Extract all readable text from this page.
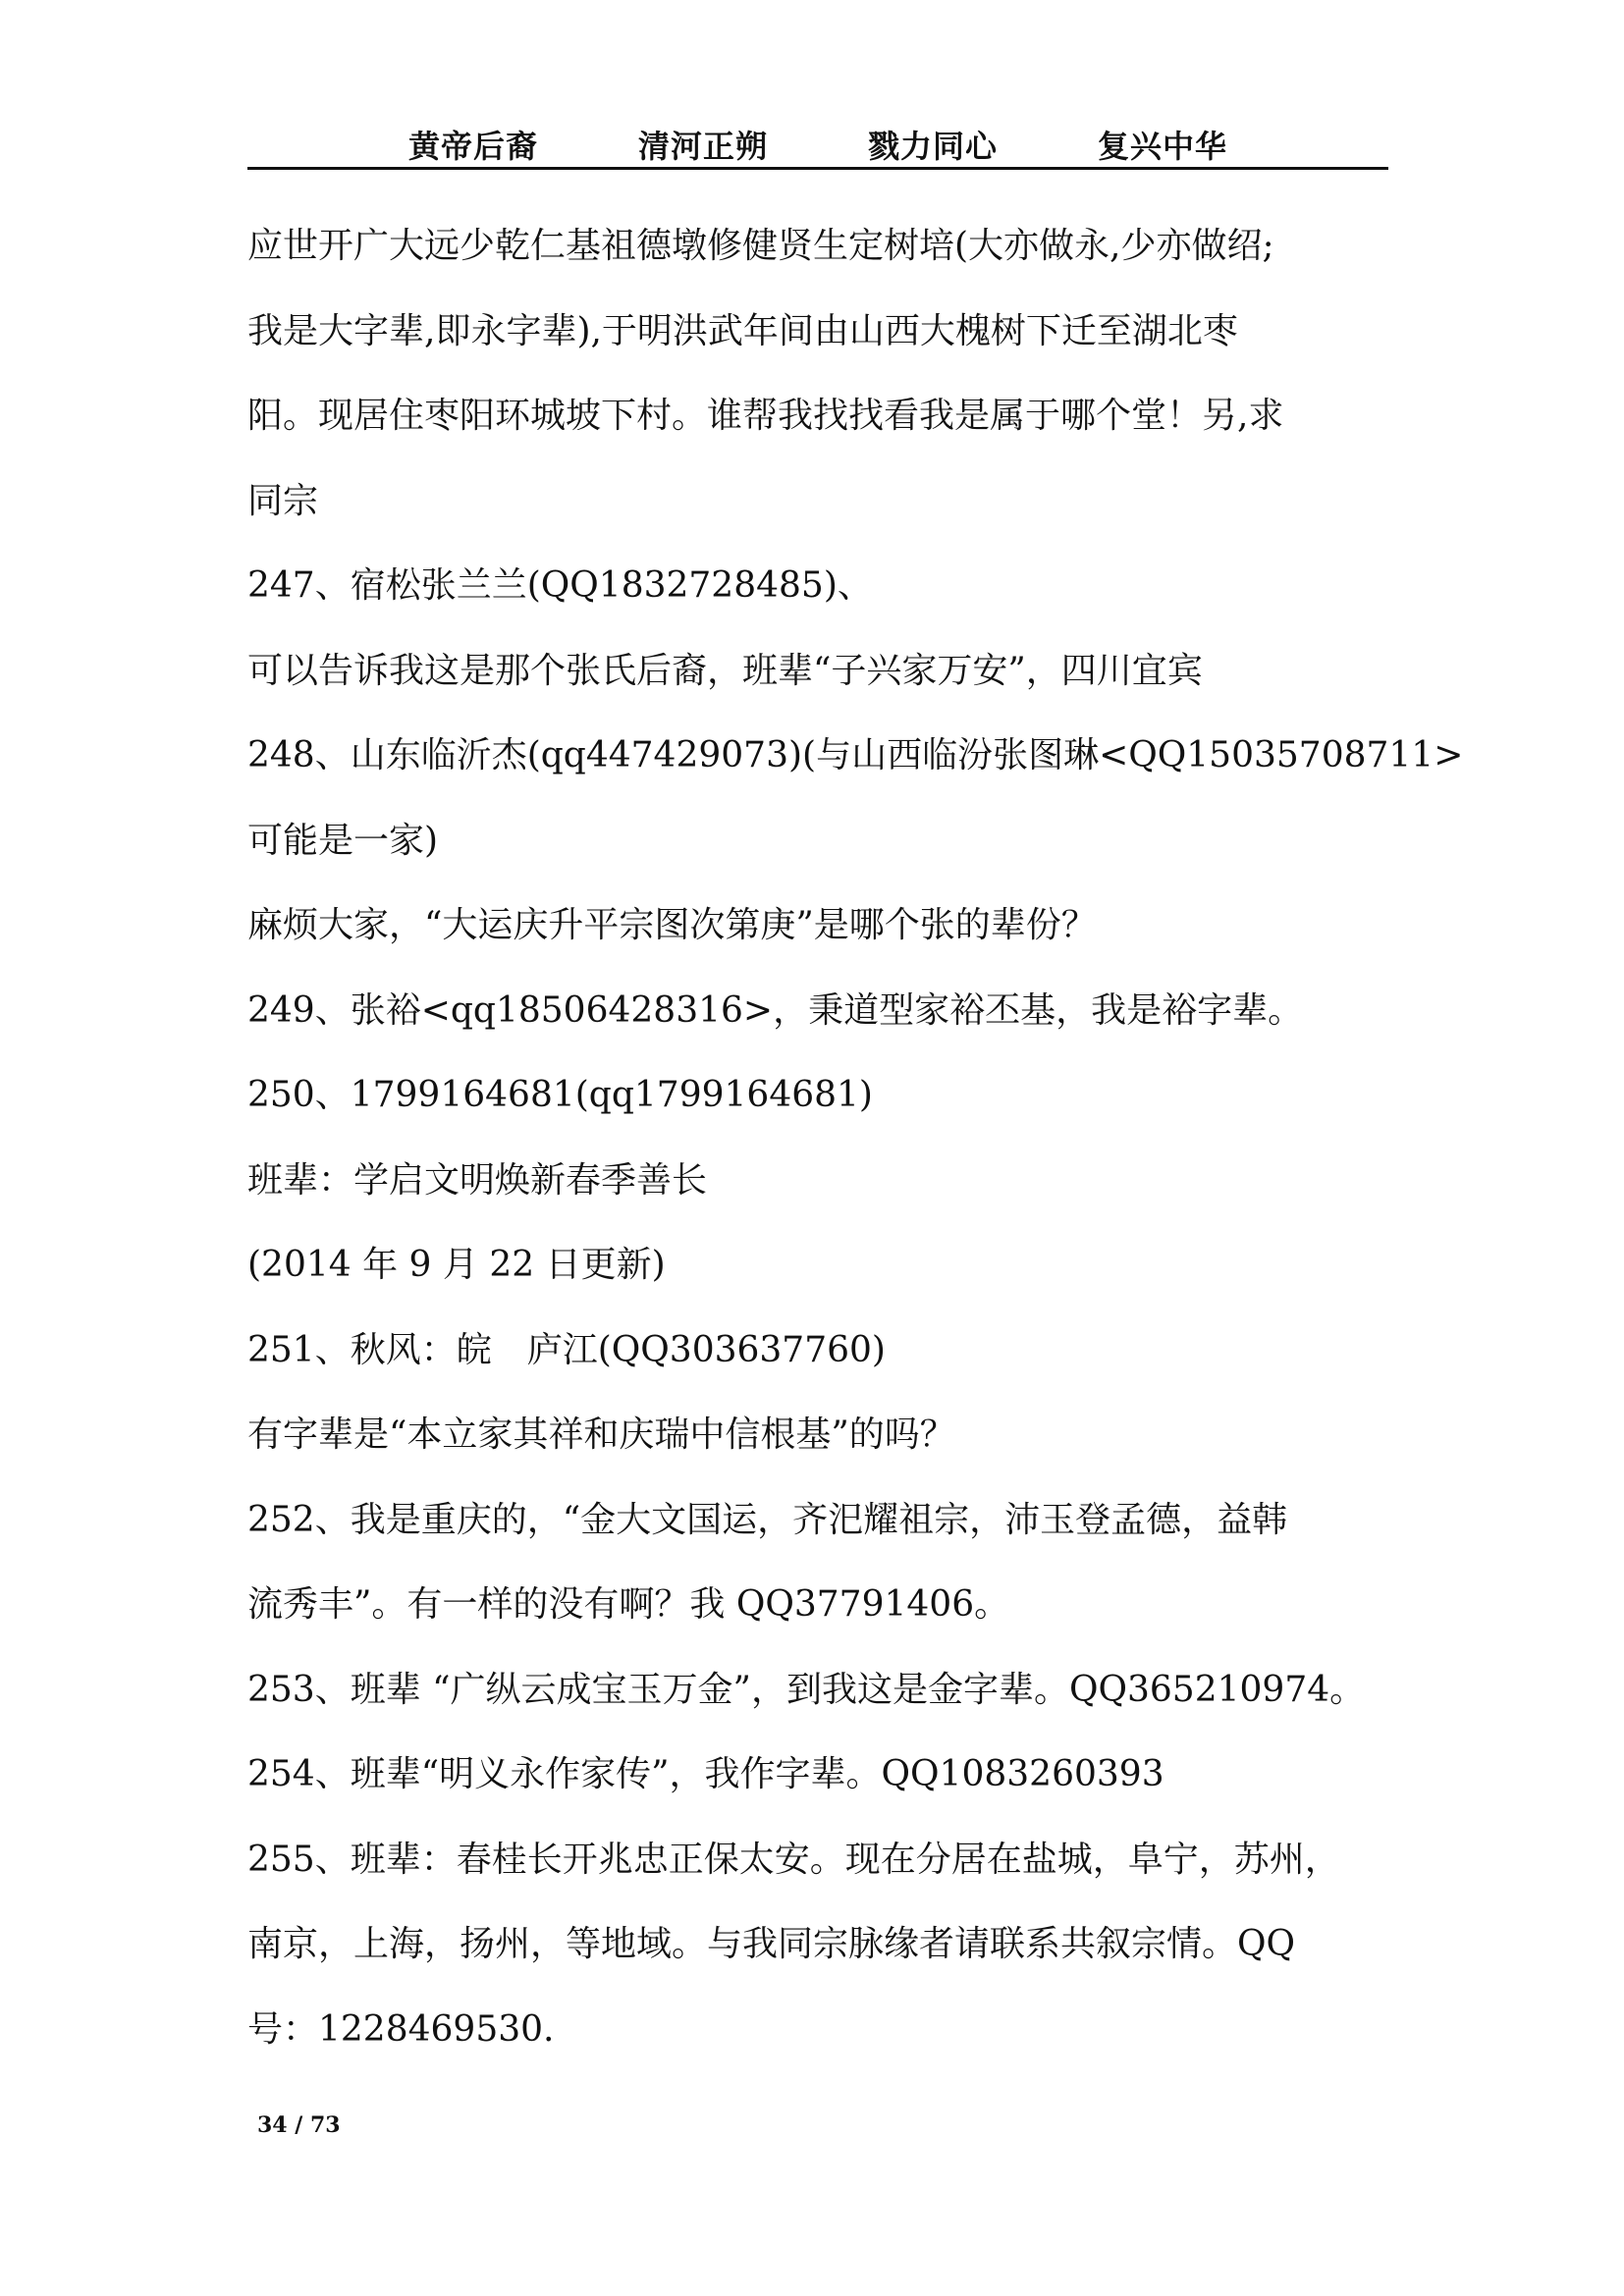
黄帝后裔	清河正朔	戮力同心	复兴中华
应世开广大远少乾仁基祖德墩修健贤生定树培(大亦做永,少亦做绍;
我是大字辈,即永字辈),于明洪武年间由山西大槐树下迁至湖北枣
阳。现居住枣阳环城坡下村。谁帮我找找看我是属于哪个堂！另,求
同宗
247、宿松张兰兰(QQ1832728485)、
可以告诉我这是那个张氏后裔，班辈“子兴家万安”，四川宜宾
248、山东临沂杰(qq447429073)(与山西临汾张图琳<QQ15035708711>
可能是一家)
麻烦大家，“大运庆升平宗图次第庚”是哪个张的辈份？
249、张裕<qq18506428316>，秉道型家裕丕基，我是裕字辈。
250、1799164681(qq1799164681)
班辈：学启文明焕新春季善长
(2014 年 9 月 22 日更新)
251、秋风：皖　庐江(QQ303637760)
有字辈是“本立家其祥和庆瑞中信根基”的吗？
252、我是重庆的，“金大文国运，齐汜耀祖宗，沛玉登孟德，益韩
流秀丰”。有一样的没有啊？我 QQ37791406。
253、班辈 “广纵云成宝玉万金”，到我这是金字辈。QQ365210974。
254、班辈“明义永作家传”，我作字辈。QQ1083260393
255、班辈：春桂长开兆忠正保太安。现在分居在盐城，阜宁，苏州，
南京，上海，扬州，等地域。与我同宗脉缘者请联系共叙宗情。QQ
号：1228469530.
34 / 73
